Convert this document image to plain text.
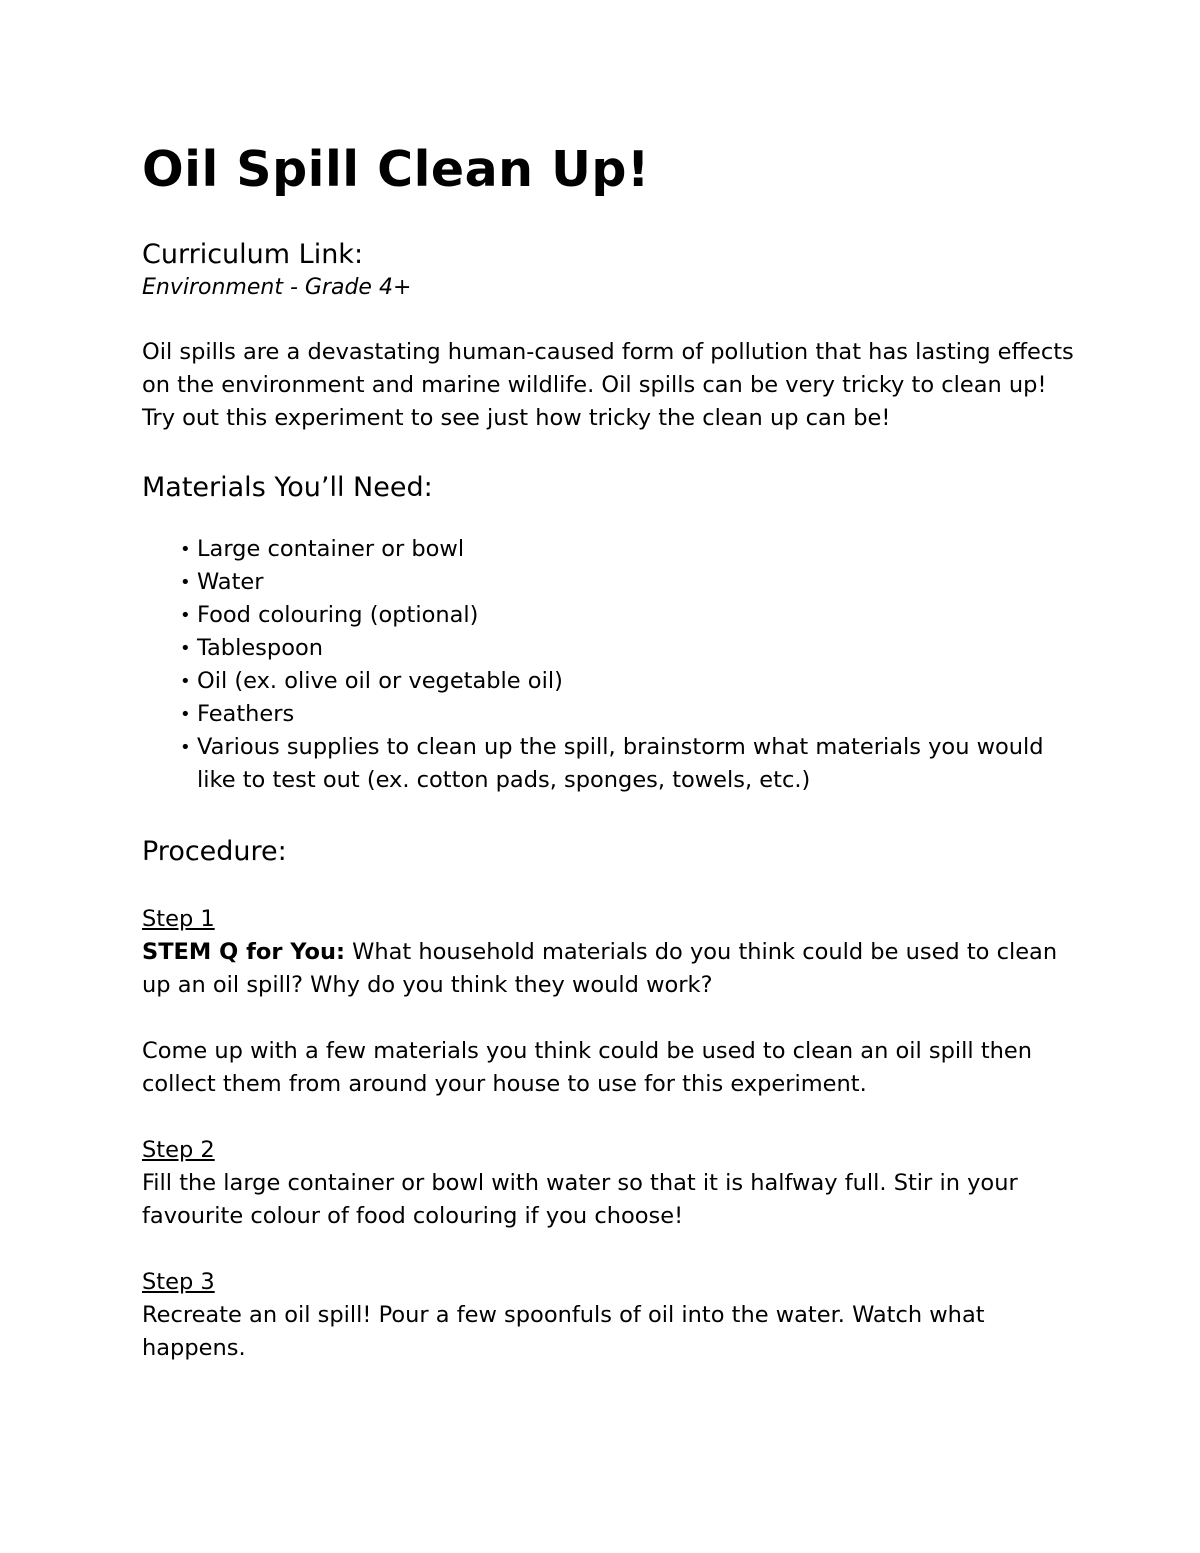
Oil Spill Clean Up!

Curriculum Link:

Environment - Grade 4+

Oil spills are a devastating human-caused form of pollution that has lasting effects on the environment and marine wildlife. Oil spills can be very tricky to clean up! Try out this experiment to see just how tricky the clean up can be!

Materials You’ll Need:

• Large container or bowl
• Water
• Food colouring (optional)
• Tablespoon
• Oil (ex. olive oil or vegetable oil)
• Feathers
• Various supplies to clean up the spill, brainstorm what materials you would like to test out (ex. cotton pads, sponges, towels, etc.)

Procedure:

Step 1

STEM Q for You: What household materials do you think could be used to clean up an oil spill? Why do you think they would work?

Come up with a few materials you think could be used to clean an oil spill then collect them from around your house to use for this experiment.

Step 2

Fill the large container or bowl with water so that it is halfway full. Stir in your favourite colour of food colouring if you choose!

Step 3

Recreate an oil spill! Pour a few spoonfuls of oil into the water. Watch what happens.
